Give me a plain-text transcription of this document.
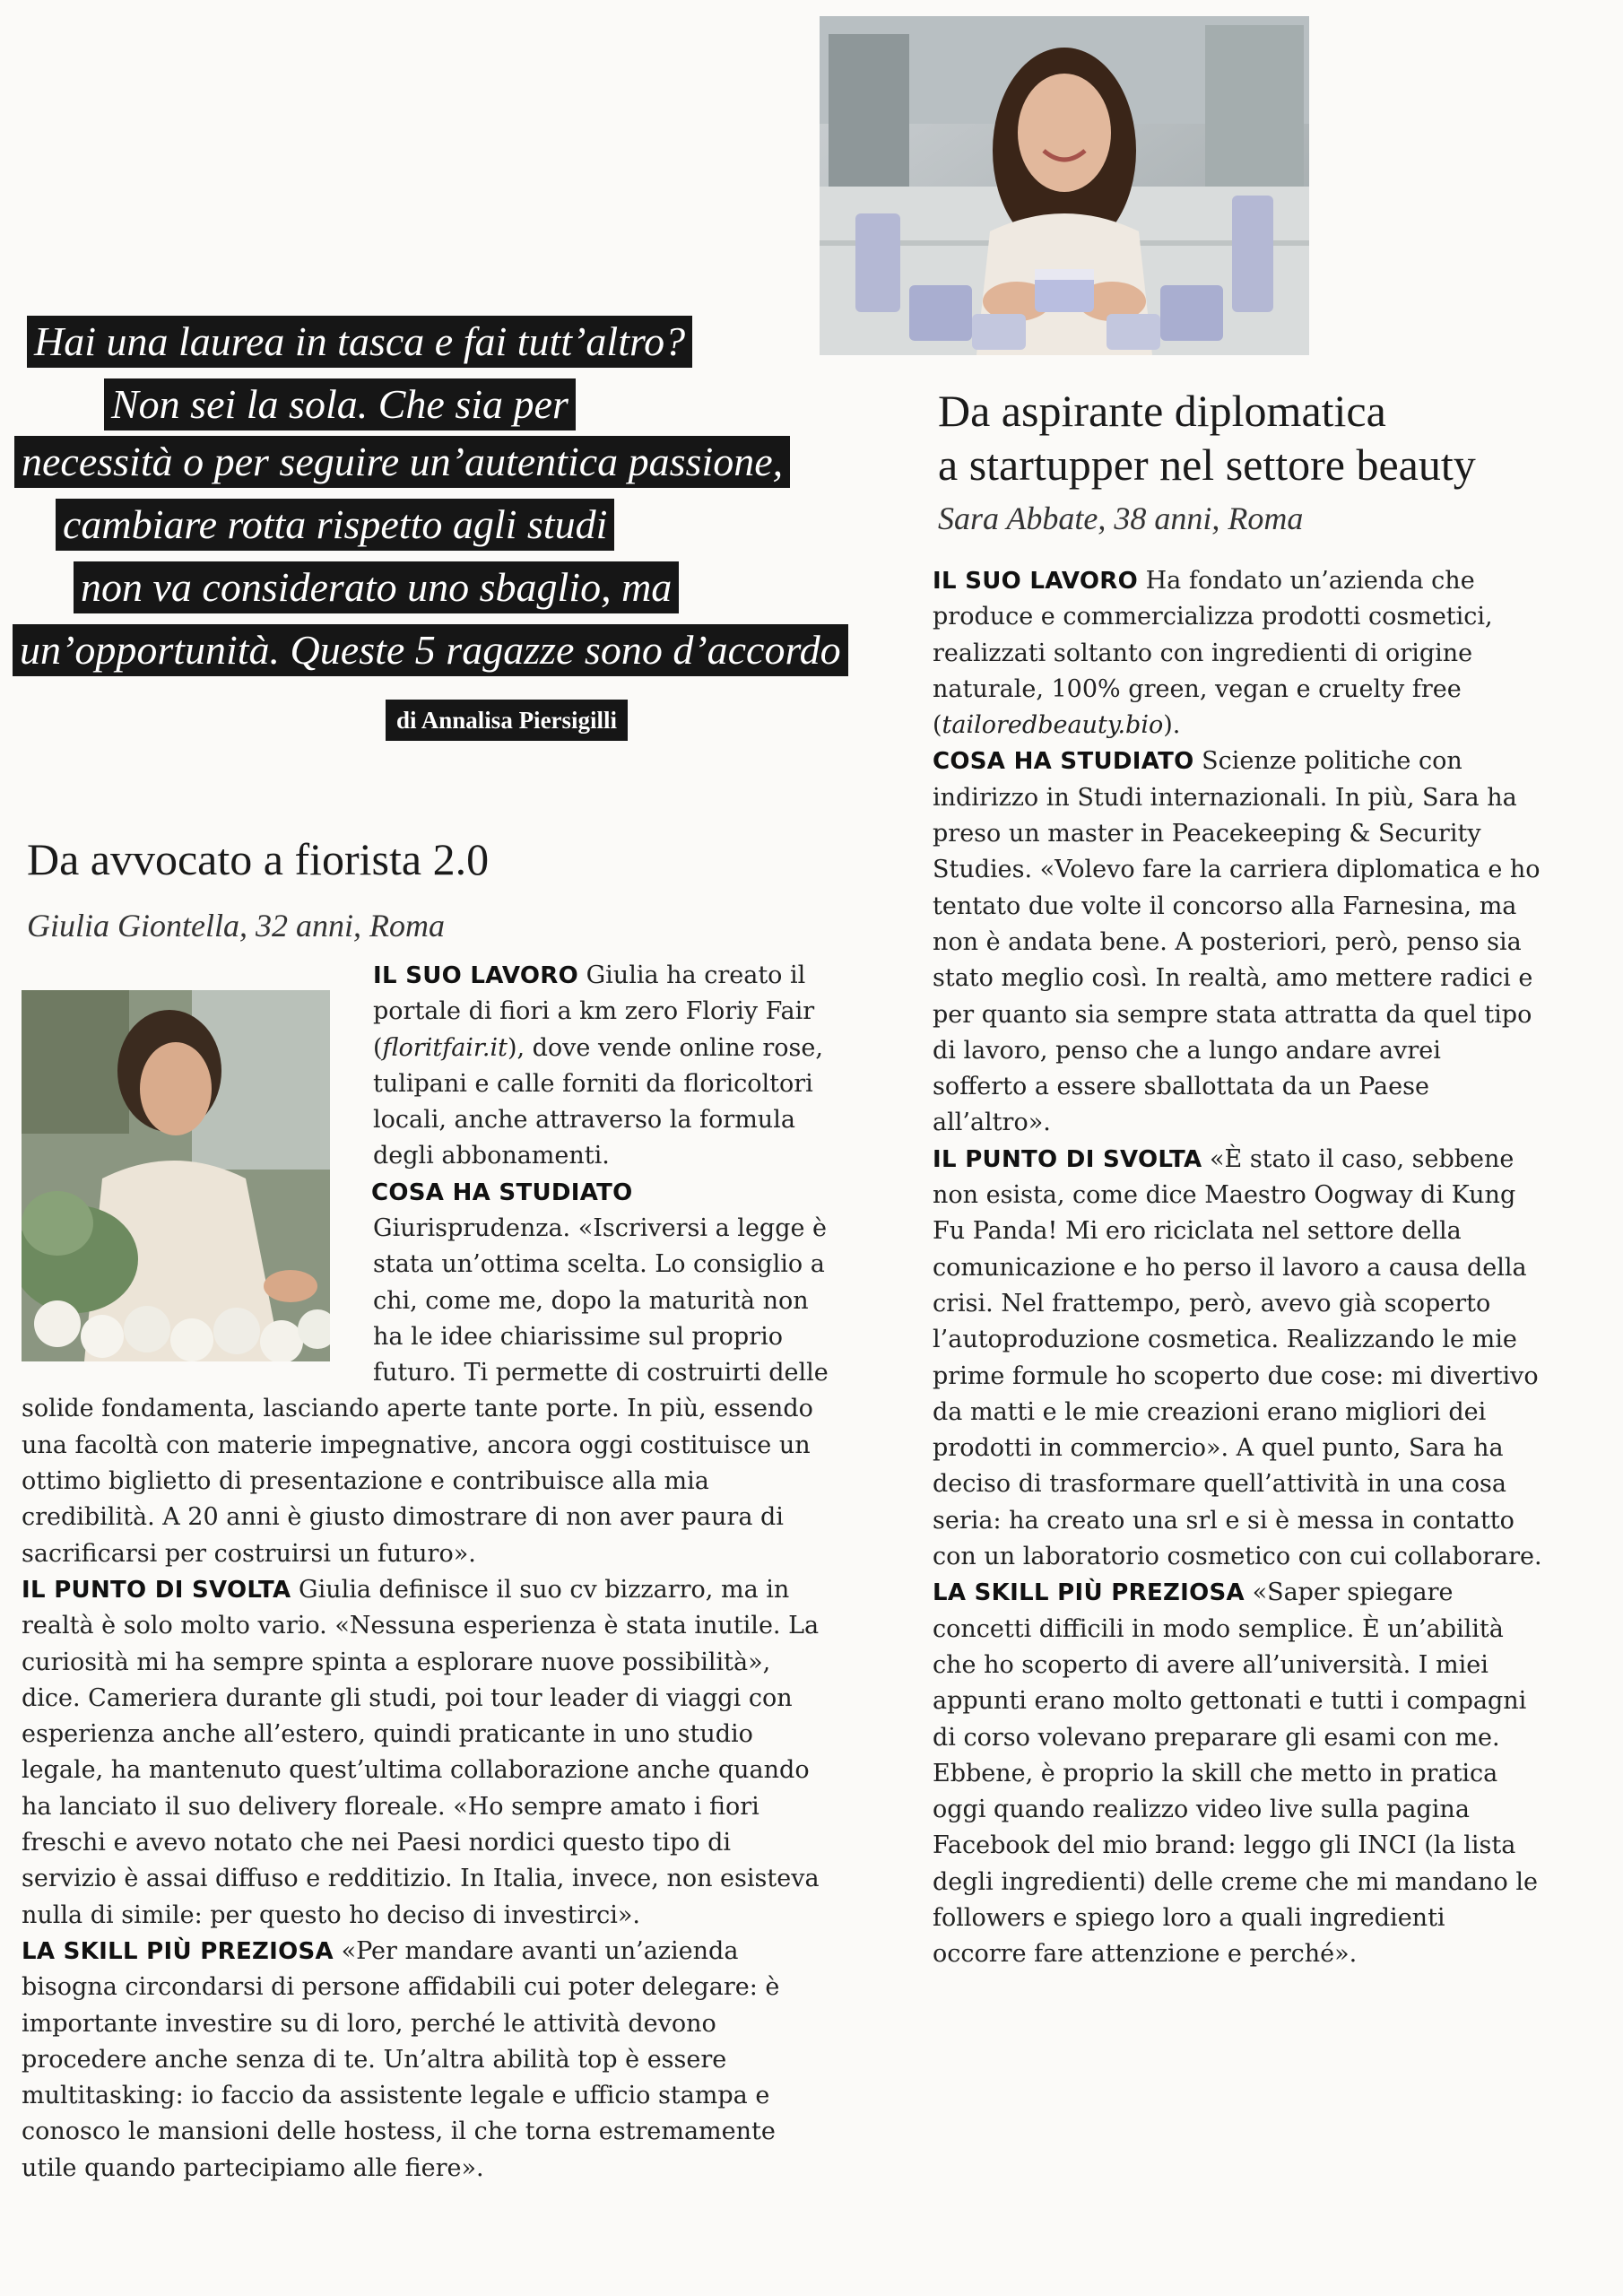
Hai una laurea in tasca e fai tutt’altro?
Non sei la sola. Che sia per
necessità o per seguire un’autentica passione,
cambiare rotta rispetto agli studi
non va considerato uno sbaglio, ma
un’opportunità. Queste 5 ragazze sono d’accordo
di Annalisa Piersigilli
Da avvocato a fiorista 2.0

Giulia Giontella, 32 anni, Roma

IL SUO LAVORO Giulia ha creato il portale di fiori a km zero Floriy Fair (floritfair.it), dove vende online rose, tulipani e calle forniti da floricoltori locali, anche attraverso la formula degli abbonamenti.

COSA HA STUDIATO

Giurisprudenza. «Iscriversi a legge è stata un’ottima scelta. Lo consiglio a chi, come me, dopo la maturità non ha le idee chiarissime sul proprio futuro. Ti permette di costruirti delle solide fondamenta, lasciando aperte tante porte. In più, essendo una facoltà con materie impegnative, ancora oggi costituisce un ottimo biglietto di presentazione e contribuisce alla mia credibilità. A 20 anni è giusto dimostrare di non aver paura di sacrificarsi per costruirsi un futuro».
IL PUNTO DI SVOLTA Giulia definisce il suo cv bizzarro, ma in realtà è solo molto vario. «Nessuna esperienza è stata inutile. La curiosità mi ha sempre spinta a esplorare nuove possibilità», dice. Cameriera durante gli studi, poi tour leader di viaggi con esperienza anche all’estero, quindi praticante in uno studio legale, ha mantenuto quest’ultima collaborazione anche quando ha lanciato il suo delivery floreale. «Ho sempre amato i fiori freschi e avevo notato che nei Paesi nordici questo tipo di servizio è assai diffuso e redditizio. In Italia, invece, non esisteva nulla di simile: per questo ho deciso di investirci».
LA SKILL PIÙ PREZIOSA «Per mandare avanti un’azienda bisogna circondarsi di persone affidabili cui poter delegare: è importante investire su di loro, perché le attività devono procedere anche senza di te. Un’altra abilità top è essere multitasking: io faccio da assistente legale e ufficio stampa e conosco le mansioni delle hostess, il che torna estremamente utile quando partecipiamo alle fiere».
Da aspirante diplomatica
a startupper nel settore beauty

Sara Abbate, 38 anni, Roma

IL SUO LAVORO Ha fondato un’azienda che produce e commercializza prodotti cosmetici, realizzati soltanto con ingredienti di origine naturale, 100% green, vegan e cruelty free (tailoredbeauty.bio).
COSA HA STUDIATO Scienze politiche con indirizzo in Studi internazionali. In più, Sara ha preso un master in Peacekeeping & Security Studies. «Volevo fare la carriera diplomatica e ho tentato due volte il concorso alla Farnesina, ma non è andata bene. A posteriori, però, penso sia stato meglio così. In realtà, amo mettere radici e per quanto sia sempre stata attratta da quel tipo di lavoro, penso che a lungo andare avrei sofferto a essere sballottata da un Paese all’altro».
IL PUNTO DI SVOLTA «È stato il caso, sebbene non esista, come dice Maestro Oogway di Kung Fu Panda! Mi ero riciclata nel settore della comunicazione e ho perso il lavoro a causa della crisi. Nel frattempo, però, avevo già scoperto l’autoproduzione cosmetica. Realizzando le mie prime formule ho scoperto due cose: mi divertivo da matti e le mie creazioni erano migliori dei prodotti in commercio». A quel punto, Sara ha deciso di trasformare quell’attività in una cosa seria: ha creato una srl e si è messa in contatto con un laboratorio cosmetico con cui collaborare.
LA SKILL PIÙ PREZIOSA «Saper spiegare concetti difficili in modo semplice. È un’abilità che ho scoperto di avere all’università. I miei appunti erano molto gettonati e tutti i compagni di corso volevano preparare gli esami con me. Ebbene, è proprio la skill che metto in pratica oggi quando realizzo video live sulla pagina Facebook del mio brand: leggo gli INCI (la lista degli ingredienti) delle creme che mi mandano le followers e spiego loro a quali ingredienti occorre fare attenzione e perché».
